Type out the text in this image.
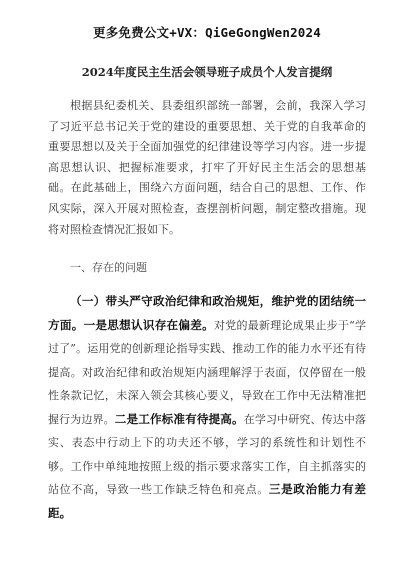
更多免费公文+VX：QiGeGongWen2024
2024年度民主生活会领导班子成员个人发言提纲

根据县纪委机关、县委组织部统一部署，会前，我深入学习了习近平总书记关于党的建设的重要思想、关于党的自我革命的重要思想以及关于全面加强党的纪律建设等学习内容。进一步提高思想认识、把握标准要求，打牢了开好民主生活会的思想基础。在此基础上，围绕六方面问题，结合自己的思想、工作、作风实际，深入开展对照检查，查摆剖析问题，制定整改措施。现将对照检查情况汇报如下。

一、存在的问题

（一）带头严守政治纪律和政治规矩，维护党的团结统一方面。一是思想认识存在偏差。对党的最新理论成果止步于“学过了”。运用党的创新理论指导实践、推动工作的能力水平还有待提高。对政治纪律和政治规矩内涵理解浮于表面，仅停留在一般性条款记忆，未深入领会其核心要义，导致在工作中无法精准把握行为边界。二是工作标准有待提高。在学习中研究、传达中落实、表态中行动上下的功夫还不够，学习的系统性和计划性不够。工作中单纯地按照上级的指示要求落实工作，自主抓落实的站位不高，导致一些工作缺乏特色和亮点。三是政治能力有差距。
